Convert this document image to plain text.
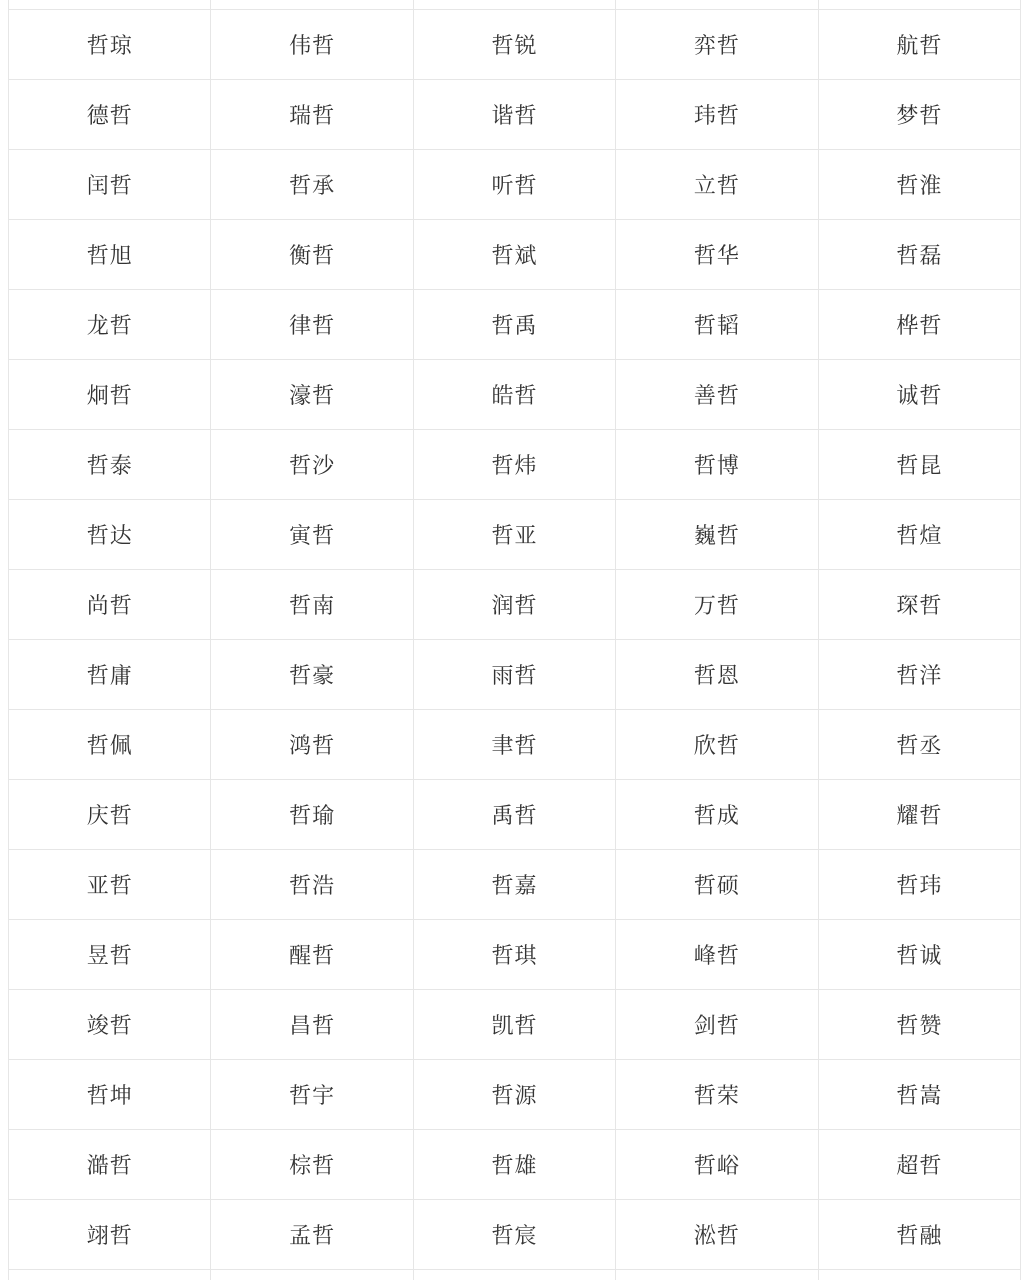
哲琼	伟哲	哲锐	弈哲	航哲
德哲	瑞哲	谐哲	玮哲	梦哲
闰哲	哲承	听哲	立哲	哲淮
哲旭	衡哲	哲斌	哲华	哲磊
龙哲	律哲	哲禹	哲韬	桦哲
炯哲	濠哲	皓哲	善哲	诚哲
哲泰	哲沙	哲炜	哲博	哲昆
哲达	寅哲	哲亚	巍哲	哲煊
尚哲	哲南	润哲	万哲	琛哲
哲庸	哲豪	雨哲	哲恩	哲洋
哲佩	鸿哲	聿哲	欣哲	哲丞
庆哲	哲瑜	禹哲	哲成	耀哲
亚哲	哲浩	哲嘉	哲硕	哲玮
昱哲	醒哲	哲琪	峰哲	哲诚
竣哲	昌哲	凯哲	剑哲	哲赞
哲坤	哲宇	哲源	哲荣	哲嵩
澔哲	棕哲	哲雄	哲峪	超哲
翊哲	孟哲	哲宸	淞哲	哲融
